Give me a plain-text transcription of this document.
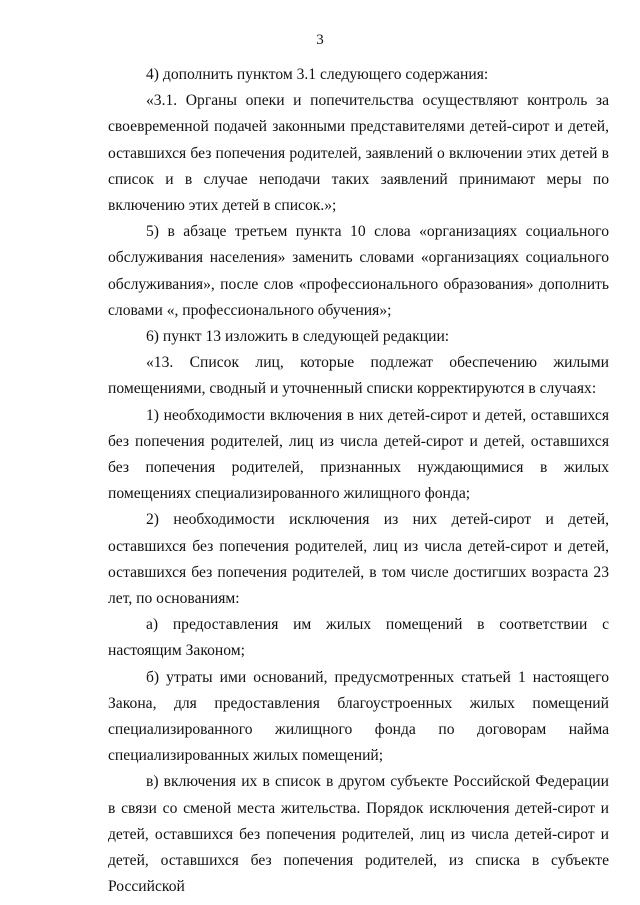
3

4) дополнить пунктом 3.1 следующего содержания:

«3.1. Органы опеки и попечительства осуществляют контроль за своевременной подачей законными представителями детей-сирот и детей, оставшихся без попечения родителей, заявлений о включении этих детей в список и в случае неподачи таких заявлений принимают меры по включению этих детей в список.»;

5) в абзаце третьем пункта 10 слова «организациях социального обслуживания населения» заменить словами «организациях социального обслуживания», после слов «профессионального образования» дополнить словами «, профессионального обучения»;

6) пункт 13 изложить в следующей редакции:

«13. Список лиц, которые подлежат обеспечению жилыми помещениями, сводный и уточненный списки корректируются в случаях:

1) необходимости включения в них детей-сирот и детей, оставшихся без попечения родителей, лиц из числа детей-сирот и детей, оставшихся без попечения родителей, признанных нуждающимися в жилых помещениях специализированного жилищного фонда;

2) необходимости исключения из них детей-сирот и детей, оставшихся без попечения родителей, лиц из числа детей-сирот и детей, оставшихся без попечения родителей, в том числе достигших возраста 23 лет, по основаниям:

а) предоставления им жилых помещений в соответствии с настоящим Законом;

б) утраты ими оснований, предусмотренных статьей 1 настоящего Закона, для предоставления благоустроенных жилых помещений специализированного жилищного фонда по договорам найма специализированных жилых помещений;

в) включения их в список в другом субъекте Российской Федерации в связи со сменой места жительства. Порядок исключения детей-сирот и детей, оставшихся без попечения родителей, лиц из числа детей-сирот и детей, оставшихся без попечения родителей, из списка в субъекте Российской
